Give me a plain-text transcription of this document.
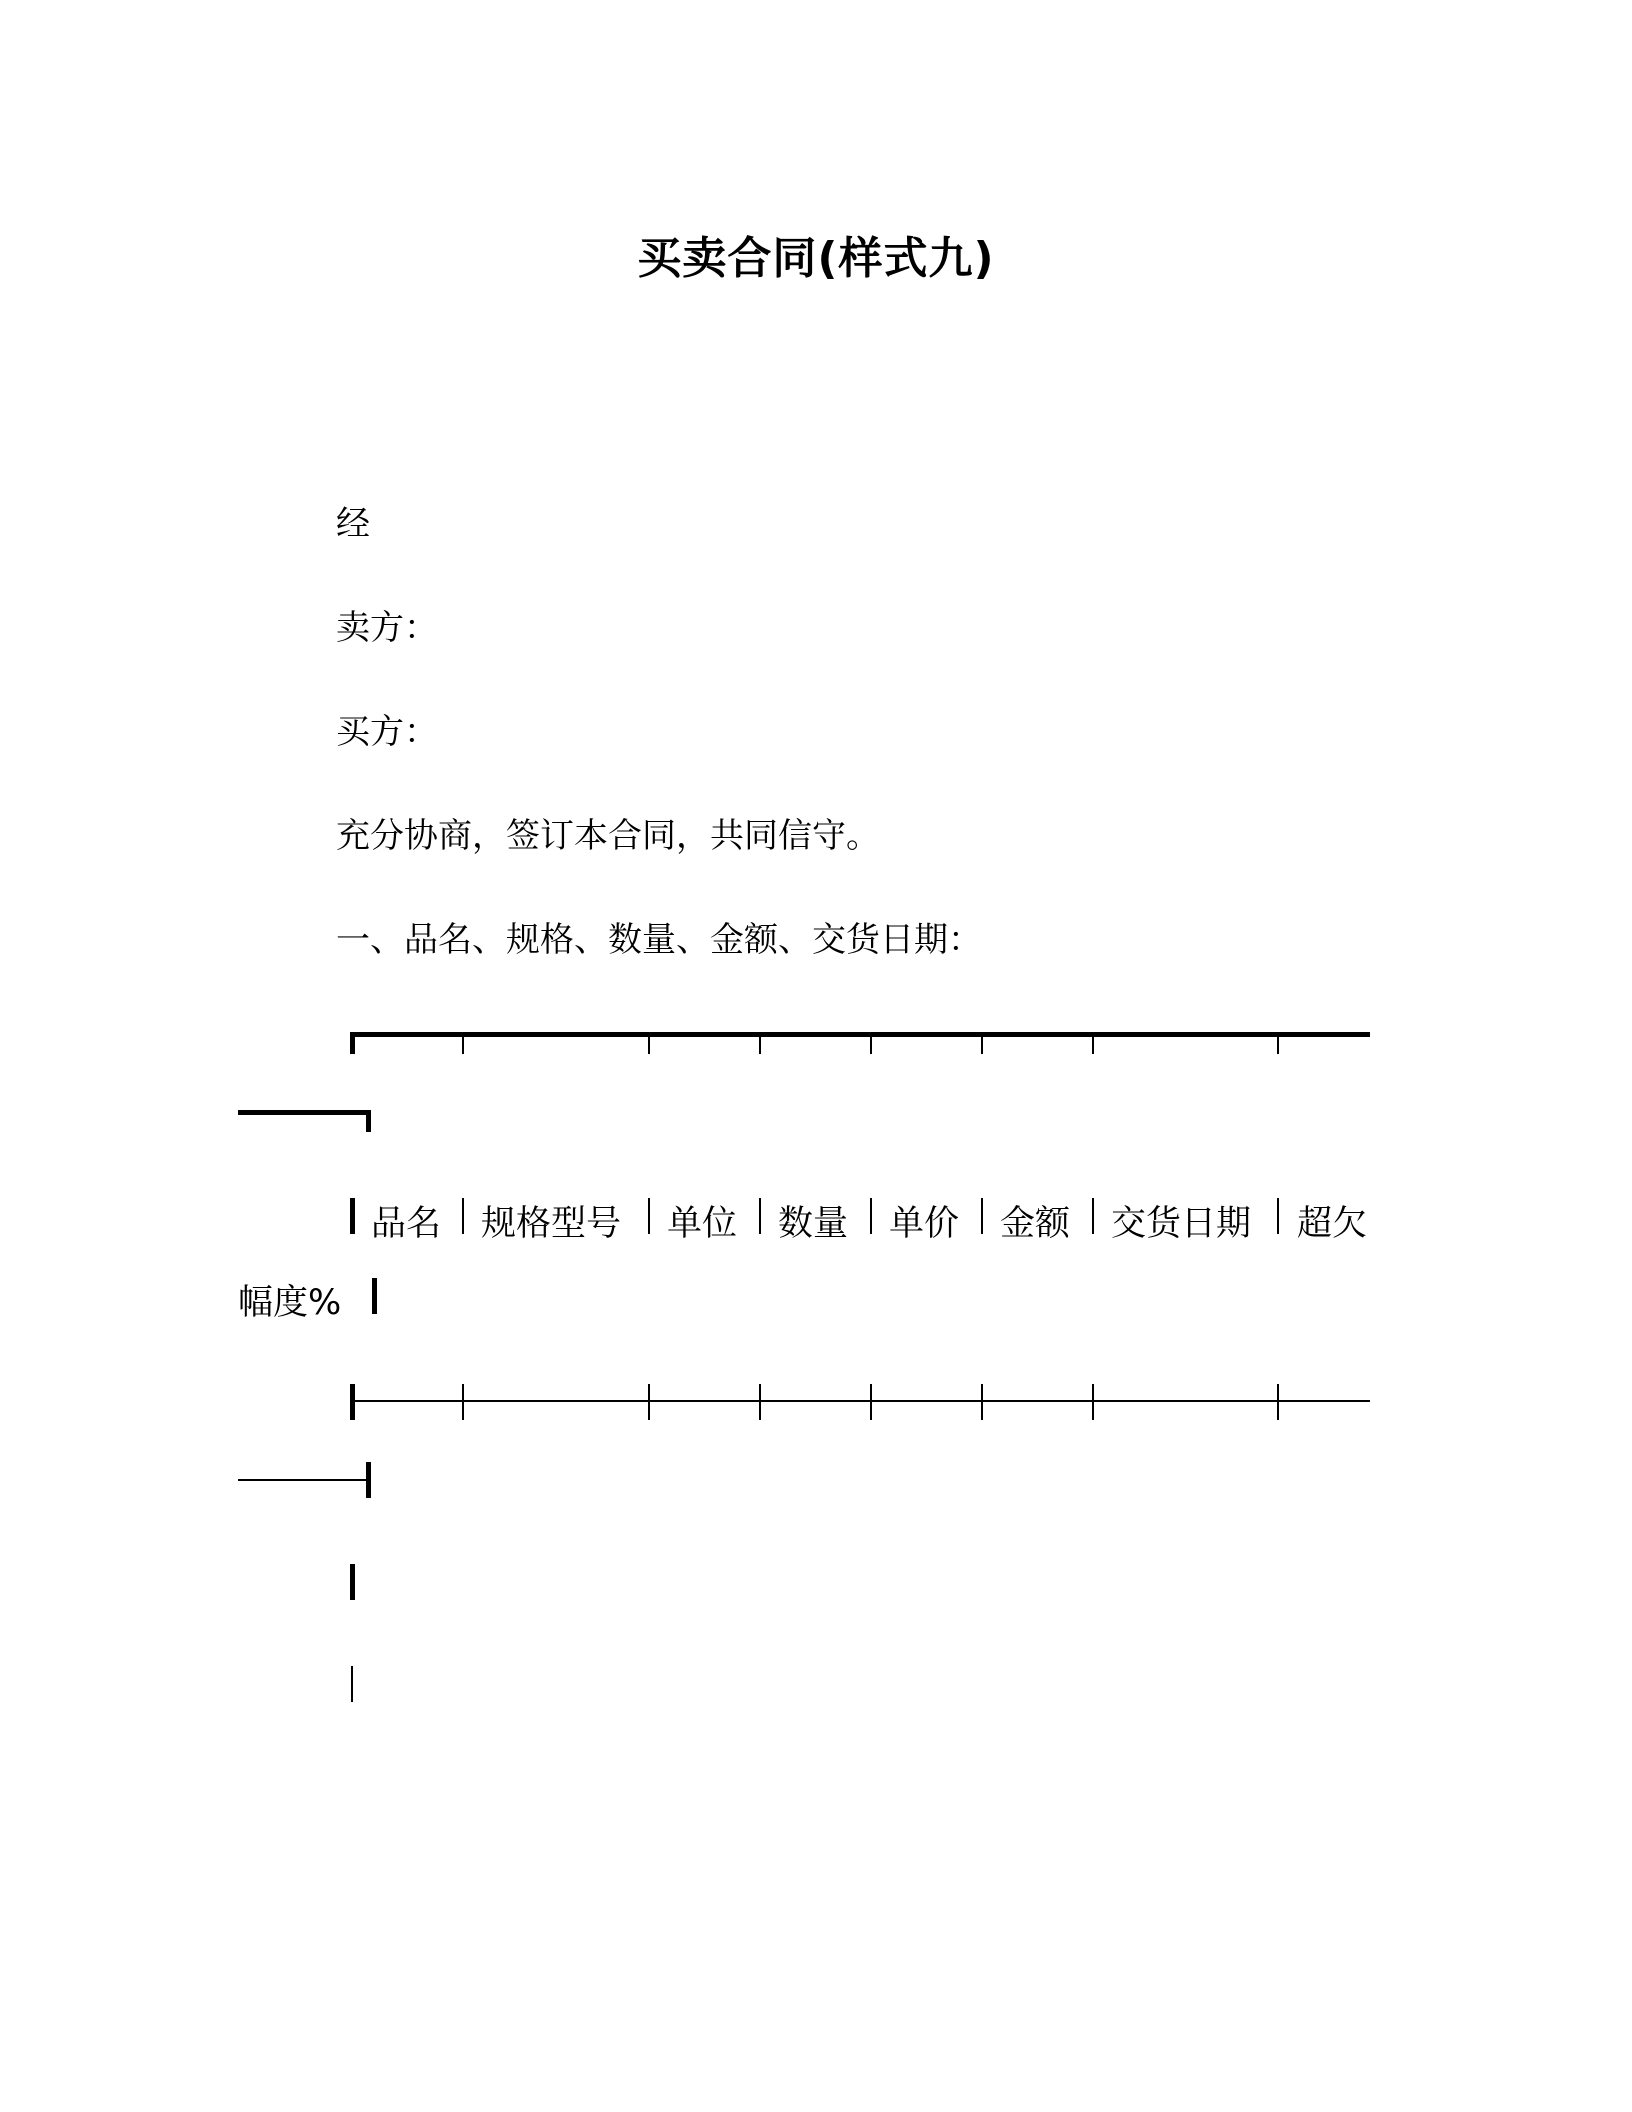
买卖合同(样式九)
经
卖方：
买方：
充分协商，签订本合同，共同信守。
一、品名、规格、数量、金额、交货日期：
品名 规格型号 单位 数量 单价 金额 交货日期 超欠
幅度%
